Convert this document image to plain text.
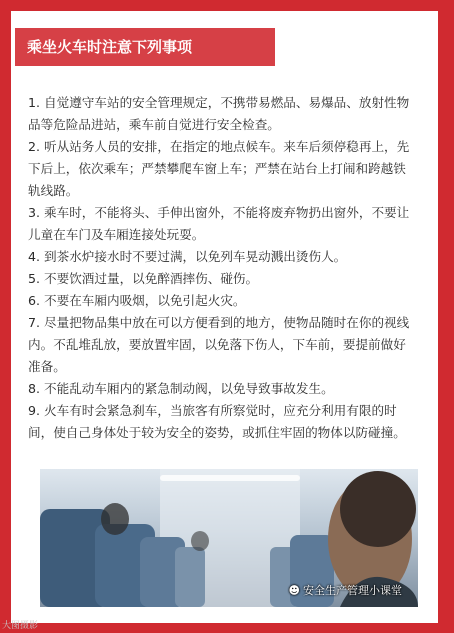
乘坐火车时注意下列事项
1. 自觉遵守车站的安全管理规定，不携带易燃品、易爆品、放射性物品等危险品进站，乘车前自觉进行安全检查。
2. 听从站务人员的安排，在指定的地点候车。来车后须停稳再上，先下后上，依次乘车；严禁攀爬车窗上车；严禁在站台上打闹和跨越铁轨线路。
3. 乘车时，不能将头、手伸出窗外，不能将废弃物扔出窗外，不要让儿童在车门及车厢连接处玩耍。
4. 到茶水炉接水时不要过满，以免列车晃动溅出烫伤人。
5. 不要饮酒过量，以免醉酒摔伤、碰伤。
6. 不要在车厢内吸烟，以免引起火灾。
7. 尽量把物品集中放在可以方便看到的地方，使物品随时在你的视线内。不乱堆乱放，要放置牢固，以免落下伤人，下车前，要提前做好准备。
8. 不能乱动车厢内的紧急制动阀，以免导致事故发生。
9. 火车有时会紧急刹车，当旅客有所察觉时，应充分利用有限的时间，使自己身体处于较为安全的姿势，或抓住牢固的物体以防碰撞。
☻ 安全生产管理小课堂
大图摄影
